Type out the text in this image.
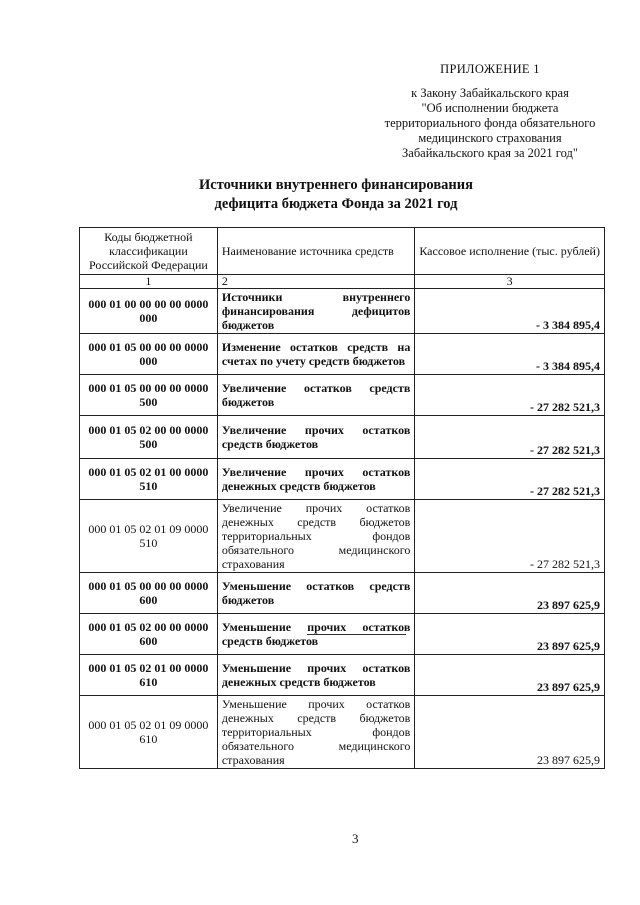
ПРИЛОЖЕНИЕ 1
к Закону Забайкальского края
"Об исполнении бюджета
территориального фонда обязательного
медицинского страхования
Забайкальского края за 2021 год"
Источники внутреннего финансирования
дефицита бюджета Фонда за 2021 год
Коды бюджетной классификации Российской Федерации	Наименование источника средств	Кассовое исполнение (тыс. рублей)
1	2	3
000 01 00 00 00 00 0000 000	Источники внутреннего финансирования дефицитов бюджетов	- 3 384 895,4
000 01 05 00 00 00 0000 000	Изменение остатков средств на счетах по учету средств бюджетов	- 3 384 895,4
000 01 05 00 00 00 0000 500	Увеличение остатков средств бюджетов	- 27 282 521,3
000 01 05 02 00 00 0000 500	Увеличение прочих остатков средств бюджетов	- 27 282 521,3
000 01 05 02 01 00 0000 510	Увеличение прочих остатков денежных средств бюджетов	- 27 282 521,3
000 01 05 02 01 09 0000 510	Увеличение прочих остатков денежных средств бюджетов территориальных фондов обязательного медицинского страхования	- 27 282 521,3
000 01 05 00 00 00 0000 600	Уменьшение остатков средств бюджетов	23 897 625,9
000 01 05 02 00 00 0000 600	Уменьшение прочих остатков средств бюджетов	23 897 625,9
000 01 05 02 01 00 0000 610	Уменьшение прочих остатков денежных средств бюджетов	23 897 625,9
000 01 05 02 01 09 0000 610	Уменьшение прочих остатков денежных средств бюджетов территориальных фондов обязательного медицинского страхования	23 897 625,9
3
